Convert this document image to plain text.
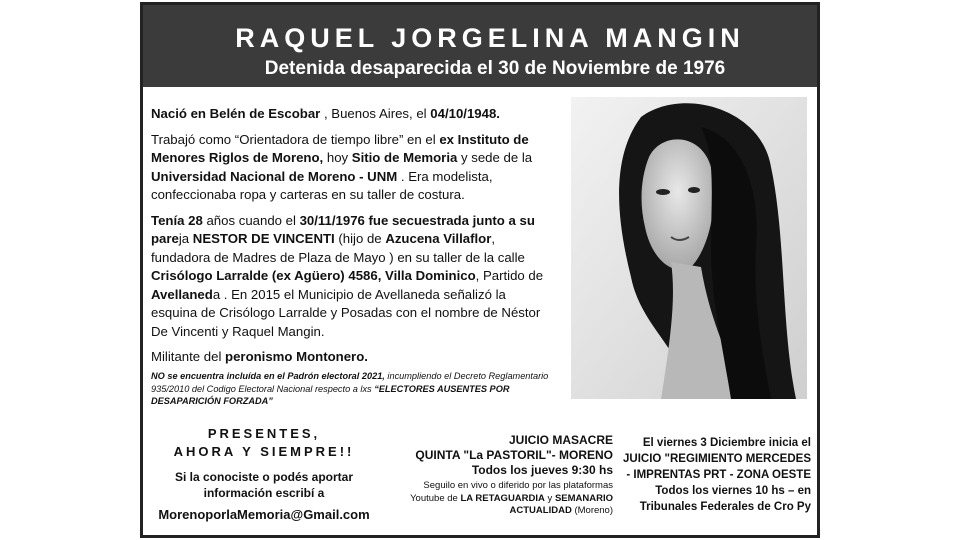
RAQUEL JORGELINA MANGIN
Detenida desaparecida el 30 de Noviembre de 1976

Nació en Belén de Escobar , Buenos Aires, el 04/10/1948.

Trabajó como “Orientadora de tiempo libre” en el ex Instituto de Menores Riglos de Moreno, hoy Sitio de Memoria y sede de la Universidad Nacional de Moreno - UNM . Era modelista, confeccionaba ropa y carteras en su taller de costura.

Tenía 28 años cuando el 30/11/1976 fue secuestrada junto a su pareja NESTOR DE VINCENTI (hijo de Azucena Villaflor, fundadora de Madres de Plaza de Mayo ) en su taller de la calle Crisólogo Larralde (ex Agüero) 4586, Villa Dominico, Partido de Avellaneda . En 2015 el Municipio de Avellaneda señalizó la esquina de Crisólogo Larralde y Posadas con el nombre de Néstor De Vincenti y Raquel Mangin.

Militante del peronismo Montonero.

NO se encuentra incluída en el Padrón electoral 2021, incumpliendo el Decreto Reglamentario 935/2010 del Codigo Electoral Nacional respecto a lxs “ELECTORES AUSENTES POR DESAPARICIÓN FORZADA”
PRESENTES,
AHORA Y SIEMPRE!!
Si la conociste o podés aportar información escribí a
MorenoporlaMemoria@Gmail.com
JUICIO MASACRE
QUINTA "La PASTORIL"- MORENO
Todos los jueves 9:30 hs
Seguilo en vivo o diferido por las plataformas Youtube de LA RETAGUARDIA y SEMANARIO ACTUALIDAD (Moreno)
El viernes 3 Diciembre inicia el JUICIO "REGIMIENTO MERCEDES - IMPRENTAS PRT - ZONA OESTE Todos los viernes 10 hs – en Tribunales Federales de Cro Py
